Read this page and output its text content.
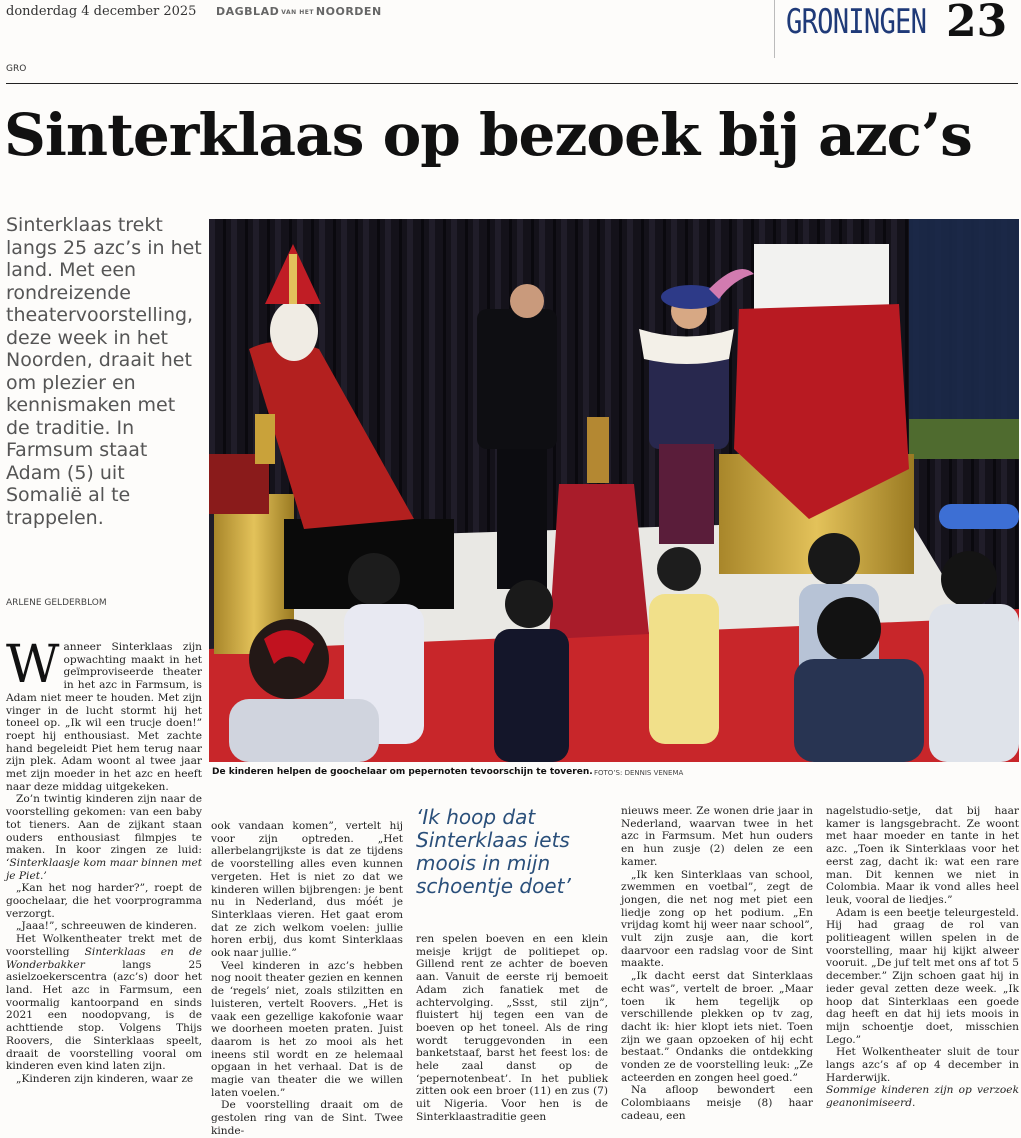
donderdag 4 december 2025 DAGBLAD VAN HET NOORDEN	GRONINGEN 23
GRO
Sinterklaas op bezoek bij azc’s
Sinterklaas trekt langs 25 azc’s in het land. Met een rondreizende theatervoorstelling, deze week in het Noorden, draait het om plezier en kennismaken met de traditie. In Farmsum staat Adam (5) uit Somalië al te trappelen.
ARLENE GELDERBLOM
De kinderen helpen de goochelaar om pepernoten tevoorschijn te toveren. FOTO’S: DENNIS VENEMA

Wanneer Sinterklaas zijn opwachting maakt in het geïmproviseerde theater in het azc in Farmsum, is Adam niet meer te houden. Met zijn vinger in de lucht stormt hij het toneel op. „Ik wil een trucje doen!” roept hij enthousiast. Met zachte hand begeleidt Piet hem terug naar zijn plek. Adam woont al twee jaar met zijn moeder in het azc en heeft naar deze middag uitgekeken.

Zo’n twintig kinderen zijn naar de voorstelling gekomen: van een baby tot tieners. Aan de zijkant staan ouders enthousiast filmpjes te maken. In koor zingen ze luid: ‘Sinterklaasje kom maar binnen met je Piet.’

„Kan het nog harder?”, roept de goochelaar, die het voorprogramma verzorgt.

„Jaaa!”, schreeuwen de kinderen.

Het Wolkentheater trekt met de voorstelling Sinterklaas en de Wonderbakker langs 25 asielzoekerscentra (azc’s) door het land. Het azc in Farmsum, een voormalig kantoorpand en sinds 2021 een noodopvang, is de achttiende stop. Volgens Thijs Roovers, die Sinterklaas speelt, draait de voorstelling vooral om kinderen even kind laten zijn.

„Kinderen zijn kinderen, waar ze

ook vandaan komen”, vertelt hij voor zijn optreden. „Het allerbelangrijkste is dat ze tijdens de voorstelling alles even kunnen vergeten. Het is niet zo dat we kinderen willen bijbrengen: je bent nu in Nederland, dus móét je Sinterklaas vieren. Het gaat erom dat ze zich welkom voelen: jullie horen erbij, dus komt Sinterklaas ook naar jullie.”

Veel kinderen in azc’s hebben nog nooit theater gezien en kennen de ‘regels’ niet, zoals stilzitten en luisteren, vertelt Roovers. „Het is vaak een gezellige kakofonie waar we doorheen moeten praten. Juist daarom is het zo mooi als het ineens stil wordt en ze helemaal opgaan in het verhaal. Dat is de magie van theater die we willen laten voelen.”

De voorstelling draait om de gestolen ring van de Sint. Twee kinde-

‘Ik hoop dat Sinterklaas iets moois in mijn schoentje doet’

ren spelen boeven en een klein meisje krijgt de politiepet op. Gillend rent ze achter de boeven aan. Vanuit de eerste rij bemoeit Adam zich fanatiek met de achtervolging. „Ssst, stil zijn”, fluistert hij tegen een van de boeven op het toneel. Als de ring wordt teruggevonden in een banketstaaf, barst het feest los: de hele zaal danst op de ‘pepernotenbeat’. In het publiek zitten ook een broer (11) en zus (7) uit Nigeria. Voor hen is de Sinterklaastraditie geen

nieuws meer. Ze wonen drie jaar in Nederland, waarvan twee in het azc in Farmsum. Met hun ouders en hun zusje (2) delen ze een kamer.

„Ik ken Sinterklaas van school, zwemmen en voetbal”, zegt de jongen, die net nog met piet een liedje zong op het podium. „En vrijdag komt hij weer naar school”, vult zijn zusje aan, die kort daarvoor een radslag voor de Sint maakte.

„Ik dacht eerst dat Sinterklaas echt was”, vertelt de broer. „Maar toen ik hem tegelijk op verschillende plekken op tv zag, dacht ik: hier klopt iets niet. Toen zijn we gaan opzoeken of hij echt bestaat.” Ondanks die ontdekking vonden ze de voorstelling leuk: „Ze acteerden en zongen heel goed.”

Na afloop bewondert een Colombiaans meisje (8) haar cadeau, een

nagelstudio-setje, dat bij haar kamer is langsgebracht. Ze woont met haar moeder en tante in het azc. „Toen ik Sinterklaas voor het eerst zag, dacht ik: wat een rare man. Dit kennen we niet in Colombia. Maar ik vond alles heel leuk, vooral de liedjes.”

Adam is een beetje teleurgesteld. Hij had graag de rol van politieagent willen spelen in de voorstelling, maar hij kijkt alweer vooruit. „De juf telt met ons af tot 5 december.” Zijn schoen gaat hij in ieder geval zetten deze week. „Ik hoop dat Sinterklaas een goede dag heeft en dat hij iets moois in mijn schoentje doet, misschien Lego.”

Het Wolkentheater sluit de tour langs azc’s af op 4 december in Harderwijk.

Sommige kinderen zijn op verzoek geanonimiseerd.
